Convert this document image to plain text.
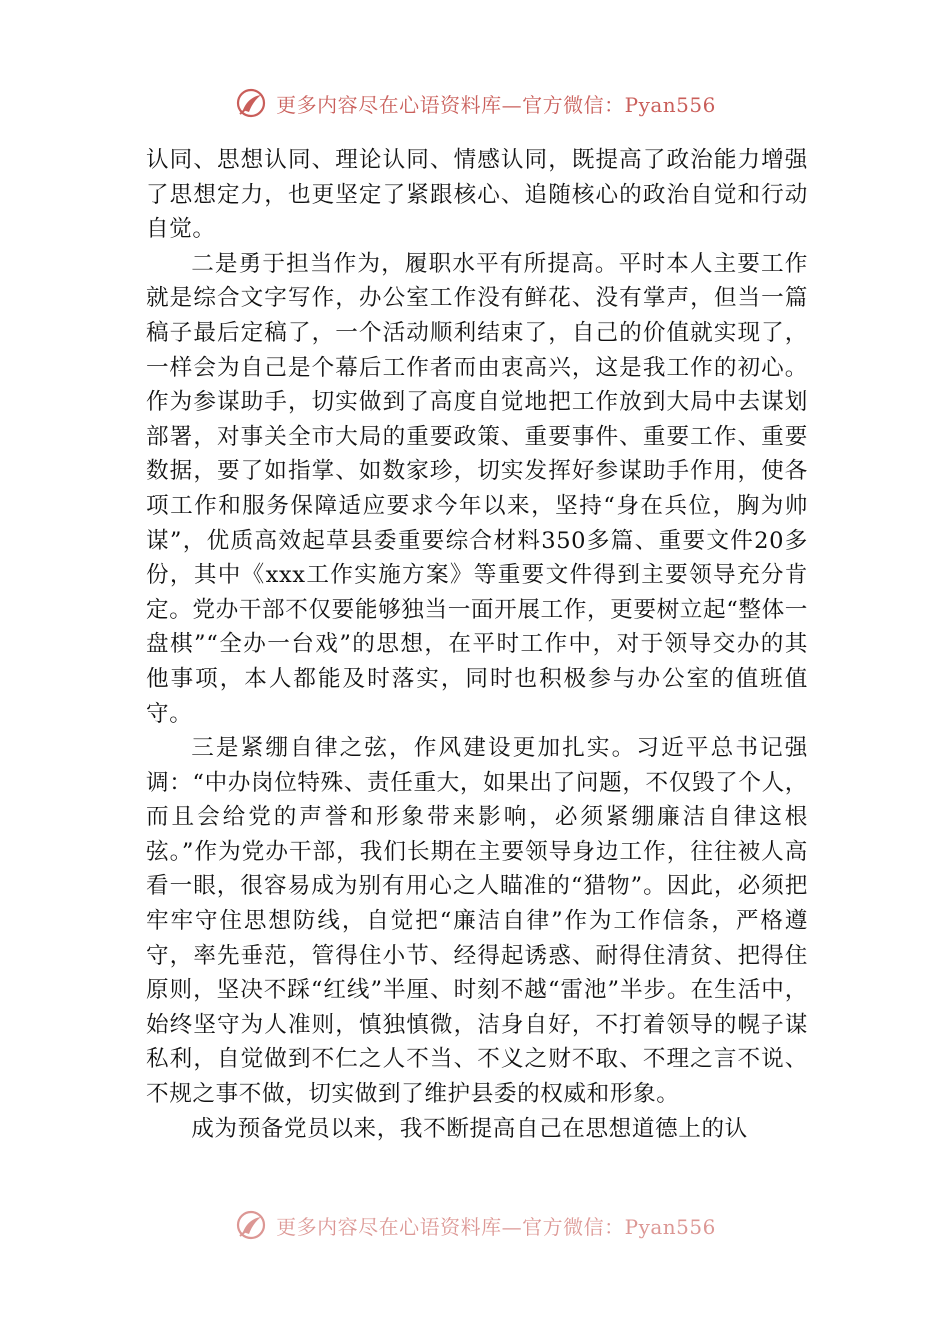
更多内容尽在心语资料库—官方微信：Pyan556

认同、思想认同、理论认同、情感认同，既提高了政治能力增强了思想定力，也更坚定了紧跟核心、追随核心的政治自觉和行动自觉。

二是勇于担当作为，履职水平有所提高。平时本人主要工作就是综合文字写作，办公室工作没有鲜花、没有掌声，但当一篇稿子最后定稿了，一个活动顺利结束了，自己的价值就实现了，一样会为自己是个幕后工作者而由衷高兴，这是我工作的初心。作为参谋助手，切实做到了高度自觉地把工作放到大局中去谋划部署，对事关全市大局的重要政策、重要事件、重要工作、重要数据，要了如指掌、如数家珍，切实发挥好参谋助手作用，使各项工作和服务保障适应要求今年以来，坚持“身在兵位，胸为帅谋”，优质高效起草县委重要综合材料350多篇、重要文件20多份，其中《xxx工作实施方案》等重要文件得到主要领导充分肯定。党办干部不仅要能够独当一面开展工作，更要树立起“整体一盘棋”“全办一台戏”的思想，在平时工作中，对于领导交办的其他事项，本人都能及时落实，同时也积极参与办公室的值班值守。

三是紧绷自律之弦，作风建设更加扎实。习近平总书记强调：“中办岗位特殊、责任重大，如果出了问题，不仅毁了个人，而且会给党的声誉和形象带来影响，必须紧绷廉洁自律这根弦。”作为党办干部，我们长期在主要领导身边工作，往往被人高看一眼，很容易成为别有用心之人瞄准的“猎物”。因此，必须把牢牢守住思想防线，自觉把“廉洁自律”作为工作信条，严格遵守，率先垂范，管得住小节、经得起诱惑、耐得住清贫、把得住原则，坚决不踩“红线”半厘、时刻不越“雷池”半步。在生活中，始终坚守为人准则，慎独慎微，洁身自好，不打着领导的幌子谋私利，自觉做到不仁之人不当、不义之财不取、不理之言不说、不规之事不做，切实做到了维护县委的权威和形象。

成为预备党员以来，我不断提高自己在思想道德上的认

更多内容尽在心语资料库—官方微信：Pyan556
